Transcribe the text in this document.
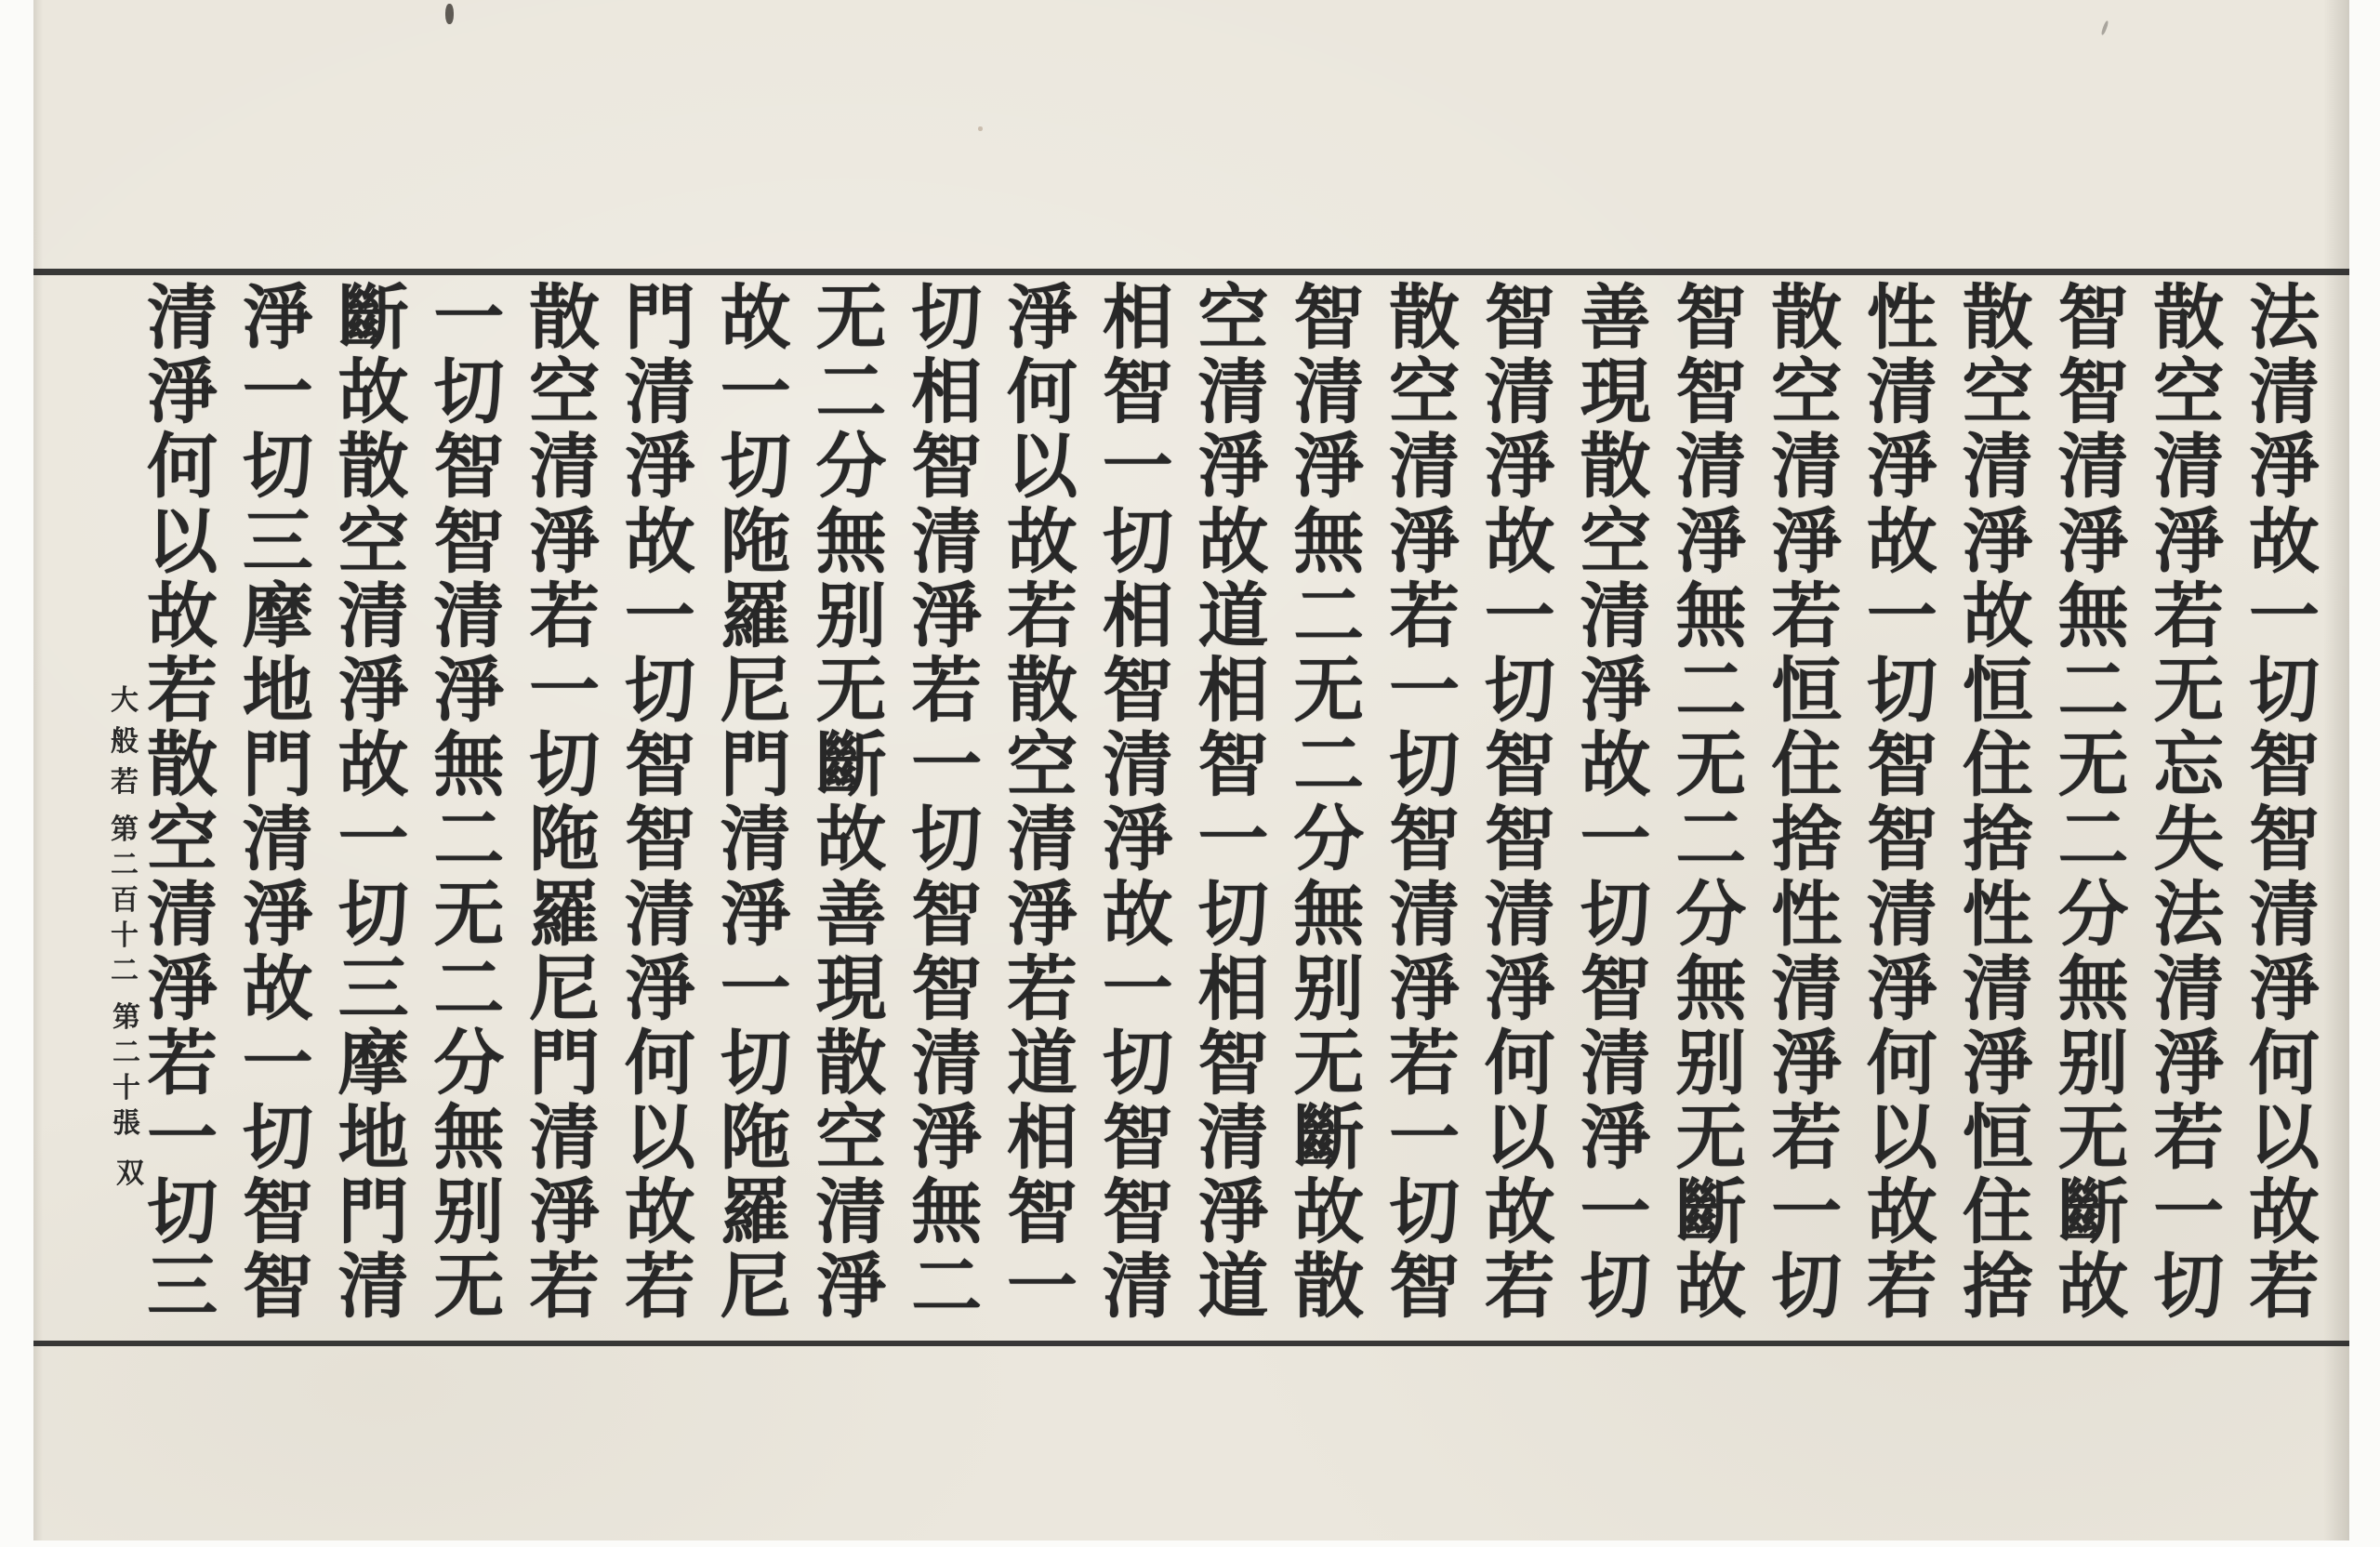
法
清
淨
故
一
切
智
智
清
淨
何
以
故
若
散
空
清
淨
若
无
忘
失
法
清
淨
若
一
切
智
智
清
淨
無
二
无
二
分
無
别
无
斷
故
散
空
清
淨
故
恒
住
捨
性
清
淨
恒
住
捨
性
清
淨
故
一
切
智
智
清
淨
何
以
故
若
散
空
清
淨
若
恒
住
捨
性
清
淨
若
一
切
智
智
清
淨
無
二
无
二
分
無
别
无
斷
故
善
現
散
空
清
淨
故
一
切
智
清
淨
一
切
智
清
淨
故
一
切
智
智
清
淨
何
以
故
若
散
空
清
淨
若
一
切
智
清
淨
若
一
切
智
智
清
淨
無
二
无
二
分
無
别
无
斷
故
散
空
清
淨
故
道
相
智
一
切
相
智
清
淨
道
相
智
一
切
相
智
清
淨
故
一
切
智
智
清
淨
何
以
故
若
散
空
清
淨
若
道
相
智
一
切
相
智
清
淨
若
一
切
智
智
清
淨
無
二
无
二
分
無
别
无
斷
故
善
現
散
空
清
淨
故
一
切
陁
羅
尼
門
清
淨
一
切
陁
羅
尼
門
清
淨
故
一
切
智
智
清
淨
何
以
故
若
散
空
清
淨
若
一
切
陁
羅
尼
門
清
淨
若
一
切
智
智
清
淨
無
二
无
二
分
無
别
无
斷
故
散
空
清
淨
故
一
切
三
摩
地
門
清
淨
一
切
三
摩
地
門
清
淨
故
一
切
智
智
清
淨
何
以
故
若
散
空
清
淨
若
一
切
三
大
般
若
第
二
百
十
二
第
二
十
張
双
